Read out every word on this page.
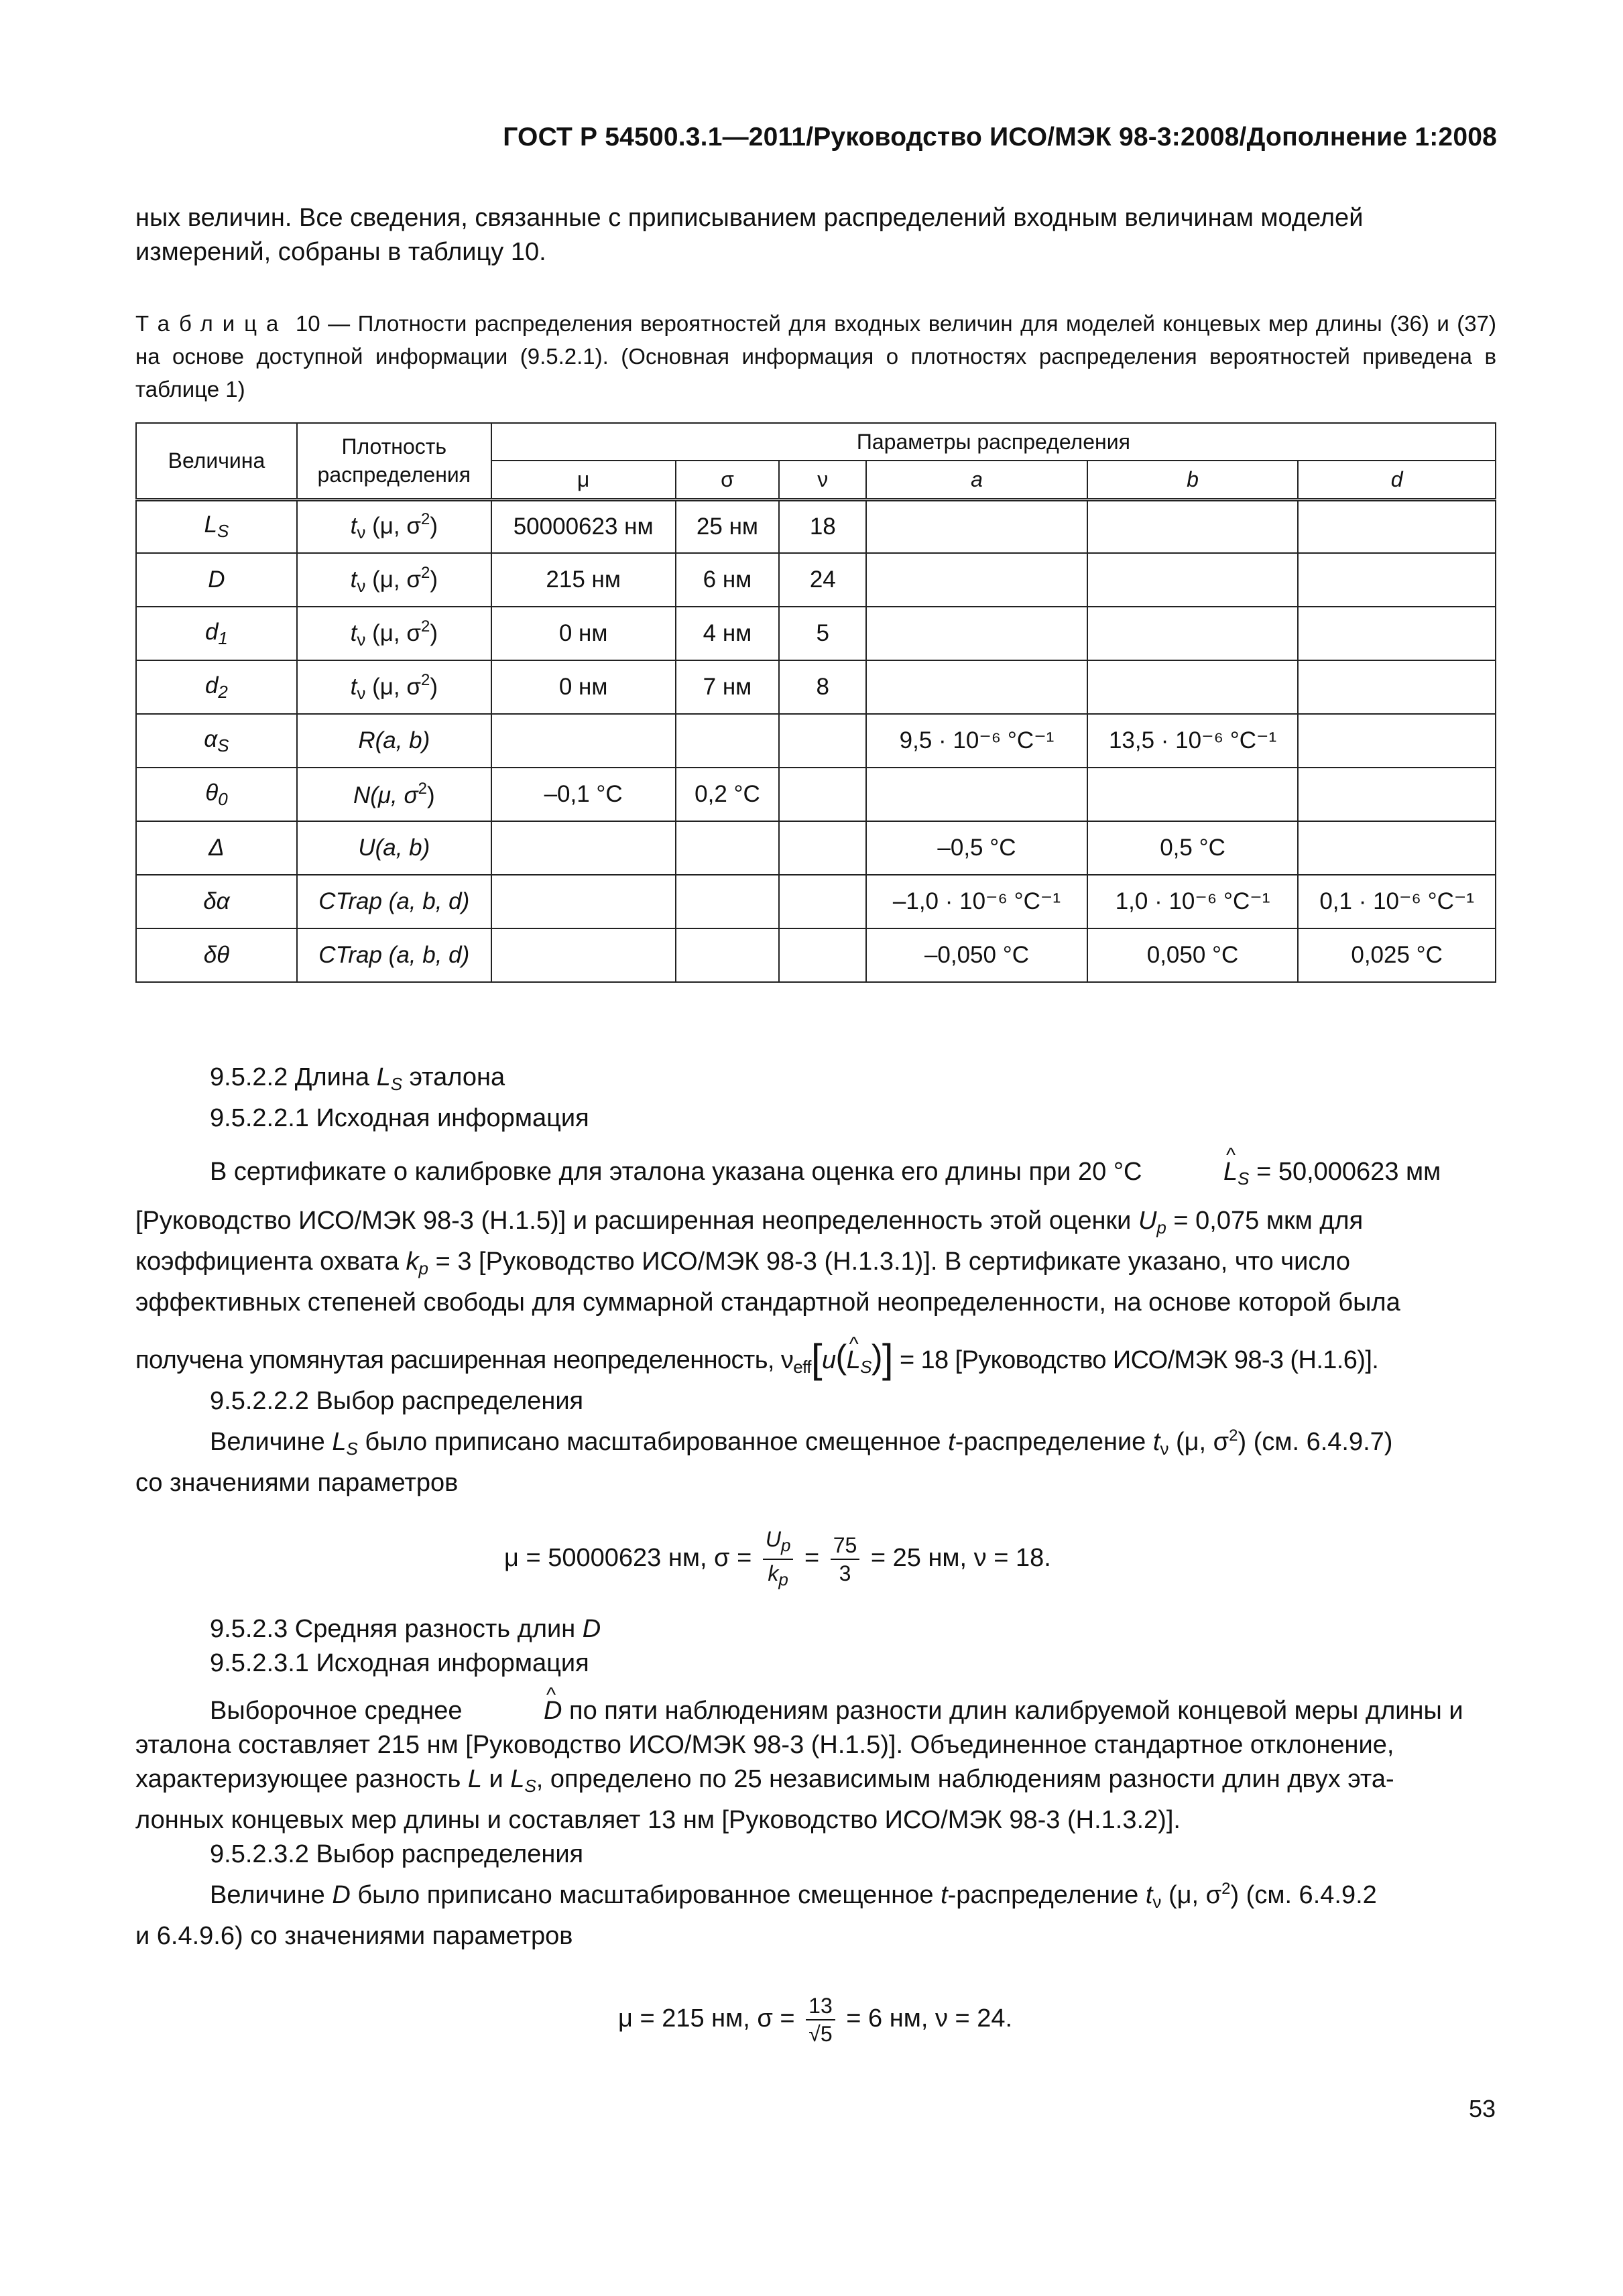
ГОСТ Р 54500.3.1—2011/Руководство ИСО/МЭК 98-3:2008/Дополнение 1:2008
ных величин. Все сведения, связанные с приписыванием распределений входным величинам моделей
измерений, собраны в таблицу 10.
Таблица 10 — Плотности распределения вероятностей для входных величин для моделей концевых мер длины (36) и (37) на основе доступной информации (9.5.2.1). (Основная информация о плотностях распределения вероятностей приведена в таблице 1)
Величина	Плотность распределения	Параметры распределения					
		μ	σ	ν	a	b	d
$L_S$	$t_\nu$ (μ, $\sigma^2$)	50000623 нм	25 нм	18			
D	$t_\nu$ (μ, $\sigma^2$)	215 нм	6 нм	24			
$d_1$	$t_\nu$ (μ, $\sigma^2$)	0 нм	4 нм	5			
$d_2$	$t_\nu$ (μ, $\sigma^2$)	0 нм	7 нм	8			
$\alpha_S$	R(a, b)				9,5 · 10⁻⁶ °C⁻¹	13,5 · 10⁻⁶ °C⁻¹	
$\theta_0$	N(μ, $\sigma^2$)	–0,1 °C	0,2 °C				
Δ	U(a, b)				–0,5 °C	0,5 °C	
δα	CTrap (a, b, d)				–1,0 · 10⁻⁶ °C⁻¹	1,0 · 10⁻⁶ °C⁻¹	0,1 · 10⁻⁶ °C⁻¹
δθ	CTrap (a, b, d)				–0,050 °C	0,050 °C	0,025 °C
9.5.2.2 Длина $L_S$ эталона
9.5.2.2.1 Исходная информация
В сертификате о калибровке для эталона указана оценка его длины при 20 °C	^ $L_S = 50,000623$ мм
[Руководство ИСО/МЭК 98-3 (H.1.5)] и расширенная неопределенность этой оценки $U_p = 0,075$ мкм для
коэффициента охвата $k_p = 3$ [Руководство ИСО/МЭК 98-3 (H.1.3.1)]. В сертификате указано, что число
эффективных степеней свободы для суммарной стандартной неопределенности, на основе которой была
получена упомянутая расширенная неопределенность, $\nu_{eff}[u(\^{}$ $L_S)] = 18$ [Руководство ИСО/МЭК 98-3 (H.1.6)].
9.5.2.2.2 Выбор распределения
Величине $L_S$ было приписано масштабированное смещенное t-распределение $t_\nu$ (μ, $\sigma^2$) (см. 6.4.9.7)
со значениями параметров
μ = 50000623 нм, $\sigma = \frac{U_p}{k_p} = \frac{75}{3} = 25$ нм, ν = 18.
9.5.2.3 Средняя разность длин D
9.5.2.3.1 Исходная информация
Выборочное среднее	^ D по пяти наблюдениям разности длин калибруемой концевой меры длины и
эталона составляет 215 нм [Руководство ИСО/МЭК 98-3 (H.1.5)]. Объединенное стандартное отклонение,
характеризующее разность L и $L_S$, определено по 25 независимым наблюдениям разности длин двух эта-
лонных концевых мер длины и составляет 13 нм [Руководство ИСО/МЭК 98-3 (H.1.3.2)].
9.5.2.3.2 Выбор распределения
Величине D было приписано масштабированное смещенное t-распределение $t_\nu$ (μ, $\sigma^2$) (см. 6.4.9.2
и 6.4.9.6) со значениями параметров
μ = 215 нм, $\sigma = \frac{13}{√5} = 6$ нм, ν = 24.
53
